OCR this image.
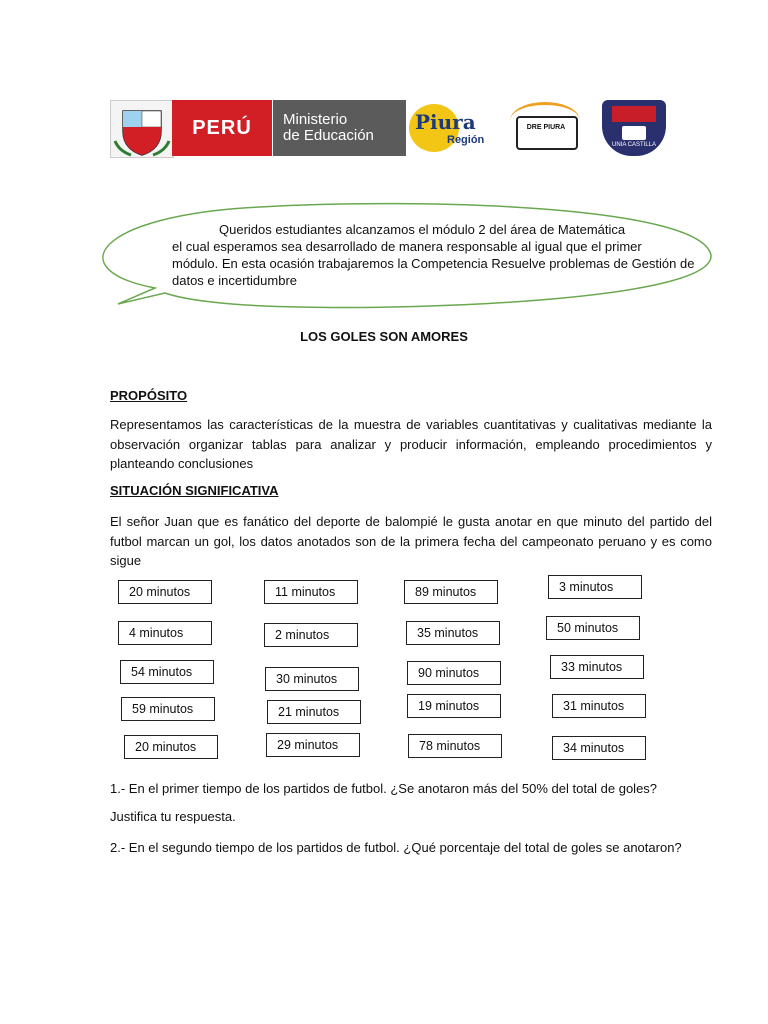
PERÚ	Ministerio
de Educación
Piura
Región
DRE PIURA
UNIA CASTILLA
Queridos estudiantes alcanzamos el módulo 2 del área de Matemática
el cual esperamos sea desarrollado de manera responsable al igual que el primer
módulo. En esta ocasión trabajaremos la Competencia Resuelve problemas de Gestión de
datos e incertidumbre
LOS GOLES SON AMORES
PROPÓSITO
Representamos las características de la muestra de variables cuantitativas y cualitativas mediante la observación organizar tablas para analizar y producir información, empleando procedimientos y planteando conclusiones
SITUACIÓN SIGNIFICATIVA
El señor Juan que es fanático del deporte de balompié le gusta anotar en que minuto del partido del futbol marcan un gol, los datos anotados son de la primera fecha del campeonato peruano y es como sigue
20 minutos	11 minutos	89 minutos	3 minutos
4 minutos	2 minutos	35 minutos	50 minutos
54 minutos	30 minutos	90 minutos	33 minutos
59 minutos	21 minutos	19 minutos	31 minutos
20 minutos	29 minutos	78 minutos	34 minutos
1.- En el primer tiempo de los partidos de futbol. ¿Se anotaron más del 50% del total de goles?
Justifica tu respuesta.
2.- En el segundo tiempo de los partidos de futbol. ¿Qué porcentaje del total de goles se anotaron?
